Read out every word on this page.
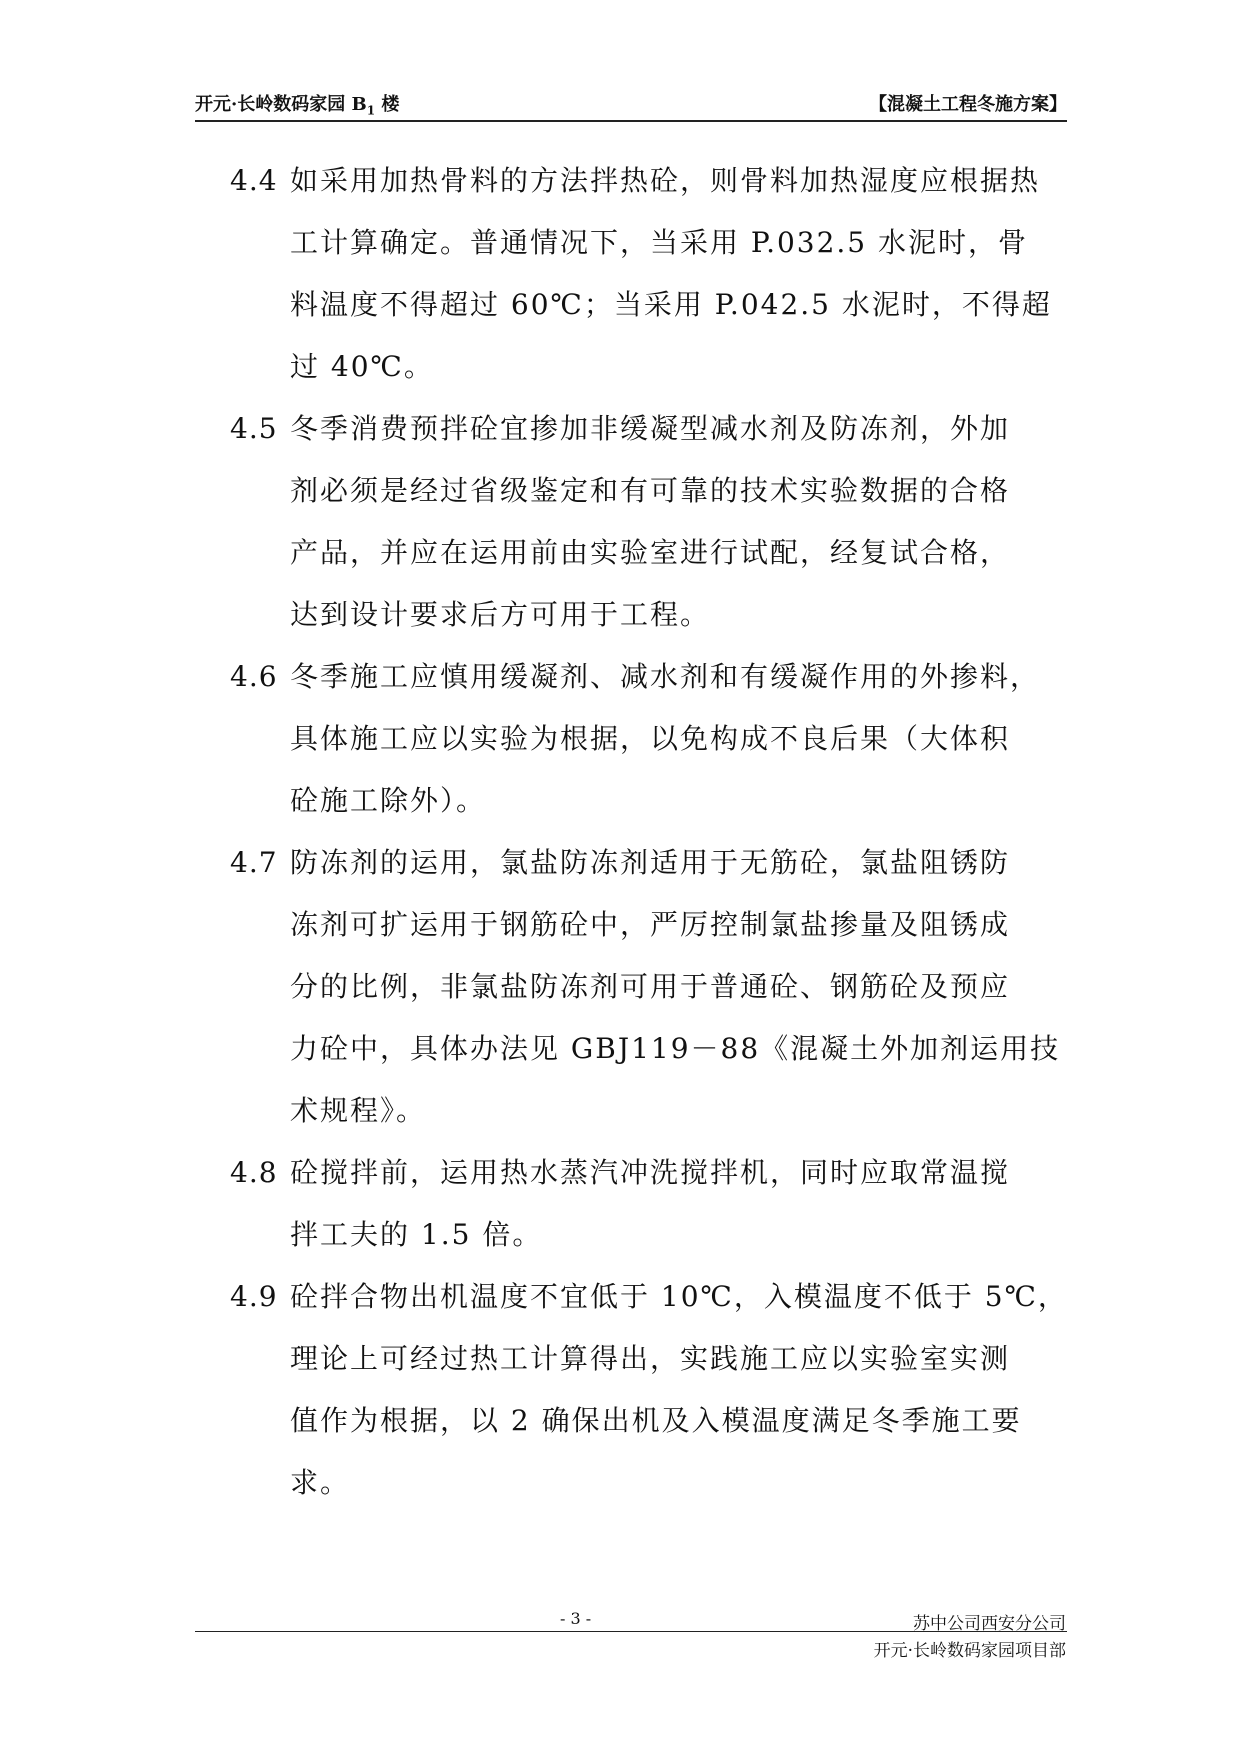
开元·长岭数码家园 $B_1$ 楼	【混凝土工程冬施方案】
4.4 如采用加热骨料的方法拌热砼，则骨料加热湿度应根据热
工计算确定。普通情况下，当采用 P.032.5 水泥时，骨
料温度不得超过 60℃；当采用 P.042.5 水泥时，不得超
过 40℃。
4.5 冬季消费预拌砼宜掺加非缓凝型减水剂及防冻剂，外加
剂必须是经过省级鉴定和有可靠的技术实验数据的合格
产品，并应在运用前由实验室进行试配，经复试合格，
达到设计要求后方可用于工程。
4.6 冬季施工应慎用缓凝剂、减水剂和有缓凝作用的外掺料，
具体施工应以实验为根据，以免构成不良后果（大体积
砼施工除外）。
4.7 防冻剂的运用，氯盐防冻剂适用于无筋砼，氯盐阻锈防
冻剂可扩运用于钢筋砼中，严厉控制氯盐掺量及阻锈成
分的比例，非氯盐防冻剂可用于普通砼、钢筋砼及预应
力砼中，具体办法见 GBJ119－88《混凝土外加剂运用技
术规程》。
4.8 砼搅拌前，运用热水蒸汽冲洗搅拌机，同时应取常温搅
拌工夫的 1.5 倍。
4.9 砼拌合物出机温度不宜低于 10℃，入模温度不低于 5℃，
理论上可经过热工计算得出，实践施工应以实验室实测
值作为根据，以 2 确保出机及入模温度满足冬季施工要
求。
- 3 -	苏中公司西安分公司
开元·长岭数码家园项目部
